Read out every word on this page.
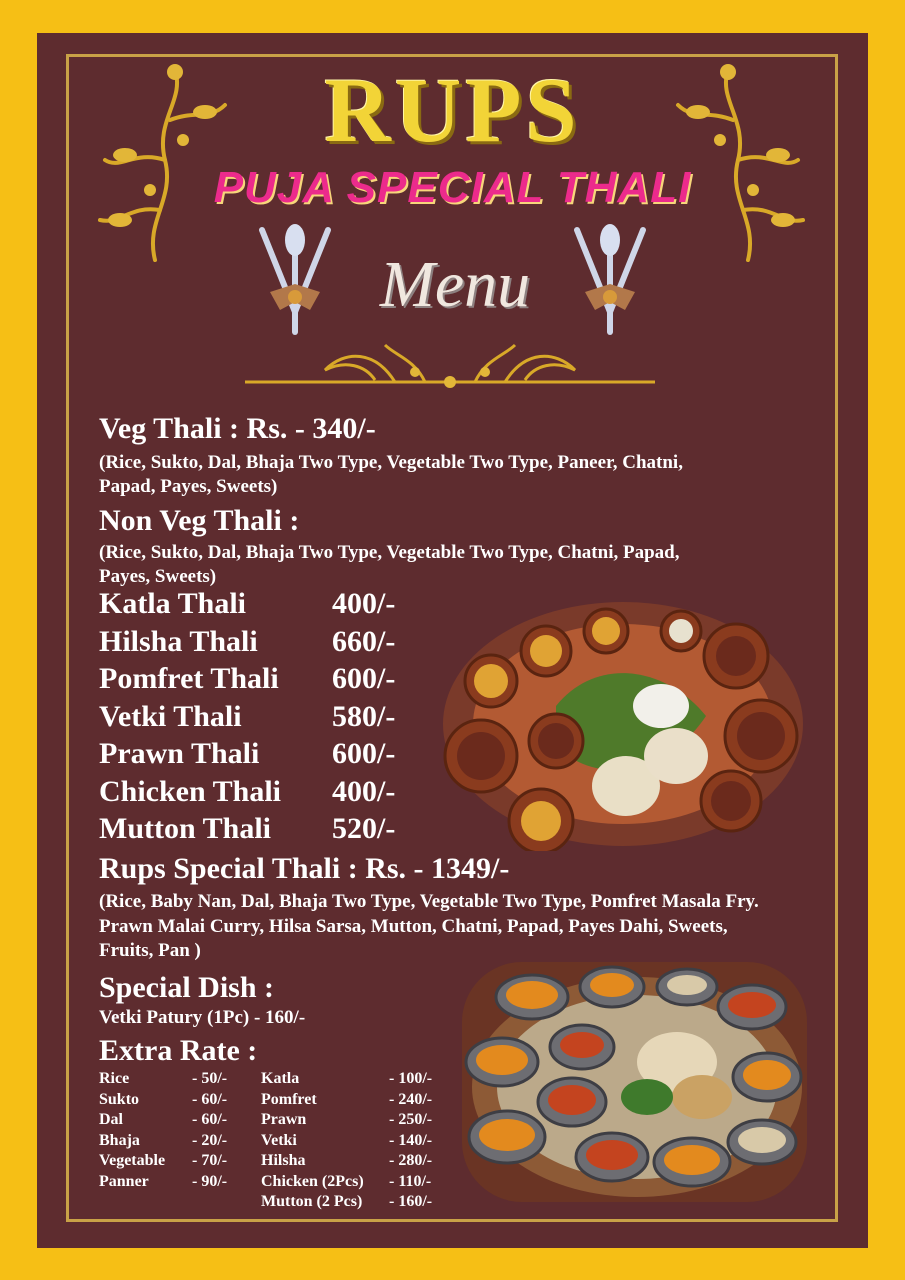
RUPS
PUJA SPECIAL THALI
Menu
Veg Thali : Rs. - 340/-
(Rice, Sukto, Dal, Bhaja Two Type, Vegetable Two Type, Paneer, Chatni,
Papad, Payes, Sweets)
Non Veg Thali :
(Rice, Sukto, Dal, Bhaja Two Type, Vegetable Two Type, Chatni, Papad,
Payes, Sweets)
Katla Thali	400/-
Hilsha Thali	660/-
Pomfret Thali	600/-
Vetki Thali	580/-
Prawn Thali	600/-
Chicken Thali	400/-
Mutton Thali	520/-
Rups Special Thali : Rs. - 1349/-
(Rice, Baby Nan, Dal, Bhaja Two Type, Vegetable Two Type, Pomfret Masala Fry.
Prawn Malai Curry, Hilsa Sarsa, Mutton, Chatni, Papad, Payes Dahi, Sweets,
Fruits, Pan )
Special Dish :
Vetki Patury (1Pc) - 160/-
Extra Rate :
Rice	- 50/-
Sukto	- 60/-
Dal	- 60/-
Bhaja	- 20/-
Vegetable	- 70/-
Panner	- 90/-
Katla	- 100/-
Pomfret	- 240/-
Prawn	- 250/-
Vetki	- 140/-
Hilsha	- 280/-
Chicken (2Pcs)	- 110/-
Mutton (2 Pcs)	- 160/-
